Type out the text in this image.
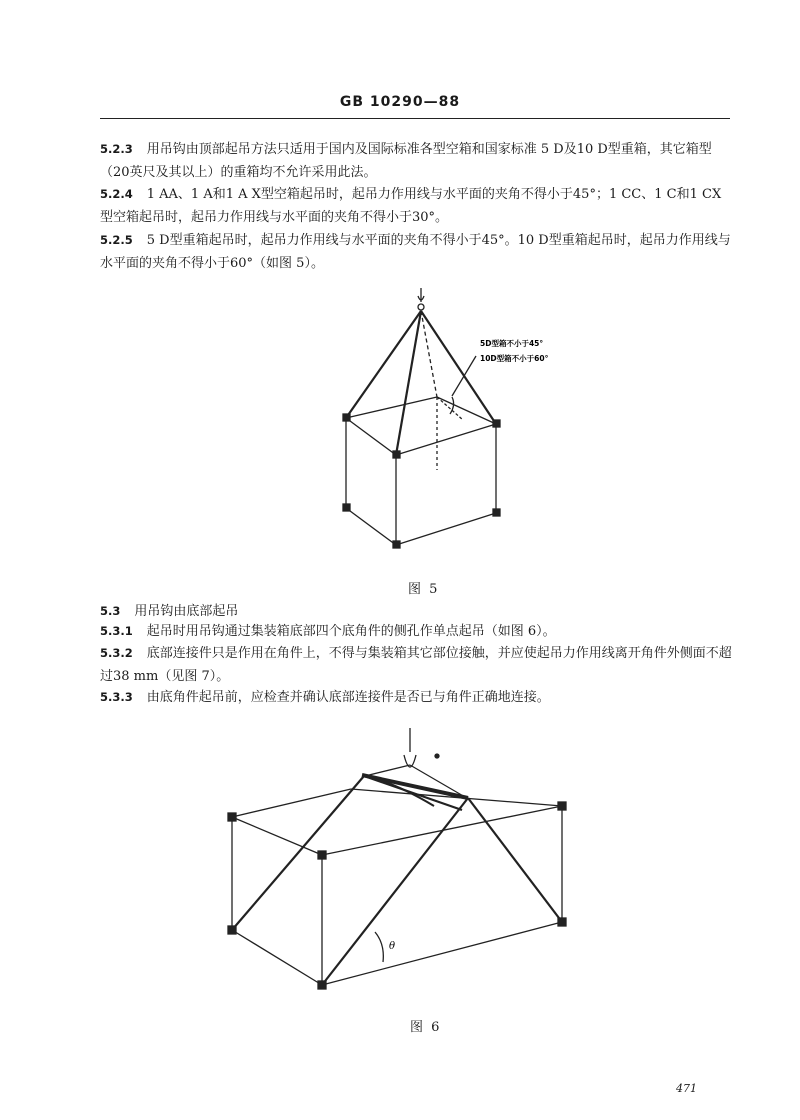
GB 10290—88
5.2.3 用吊钩由顶部起吊方法只适用于国内及国际标准各型空箱和国家标准 5 D及10 D型重箱，其它箱型（20英尺及其以上）的重箱均不允许采用此法。
5.2.4 1 AA、1 A和1 A X型空箱起吊时，起吊力作用线与水平面的夹角不得小于45°；1 CC、1 C和1 CX型空箱起吊时，起吊力作用线与水平面的夹角不得小于30°。
5.2.5 5 D型重箱起吊时，起吊力作用线与水平面的夹角不得小于45°。10 D型重箱起吊时，起吊力作用线与水平面的夹角不得小于60°（如图 5）。
5D型箱不小于45°
10D型箱不小于60°
图 5
5.3 用吊钩由底部起吊
5.3.1 起吊时用吊钩通过集装箱底部四个底角件的侧孔作单点起吊（如图 6）。
5.3.2 底部连接件只是作用在角件上，不得与集装箱其它部位接触，并应使起吊力作用线离开角件外侧面不超过38 mm（见图 7）。
5.3.3 由底角件起吊前，应检查并确认底部连接件是否已与角件正确地连接。
θ
图 6
471
